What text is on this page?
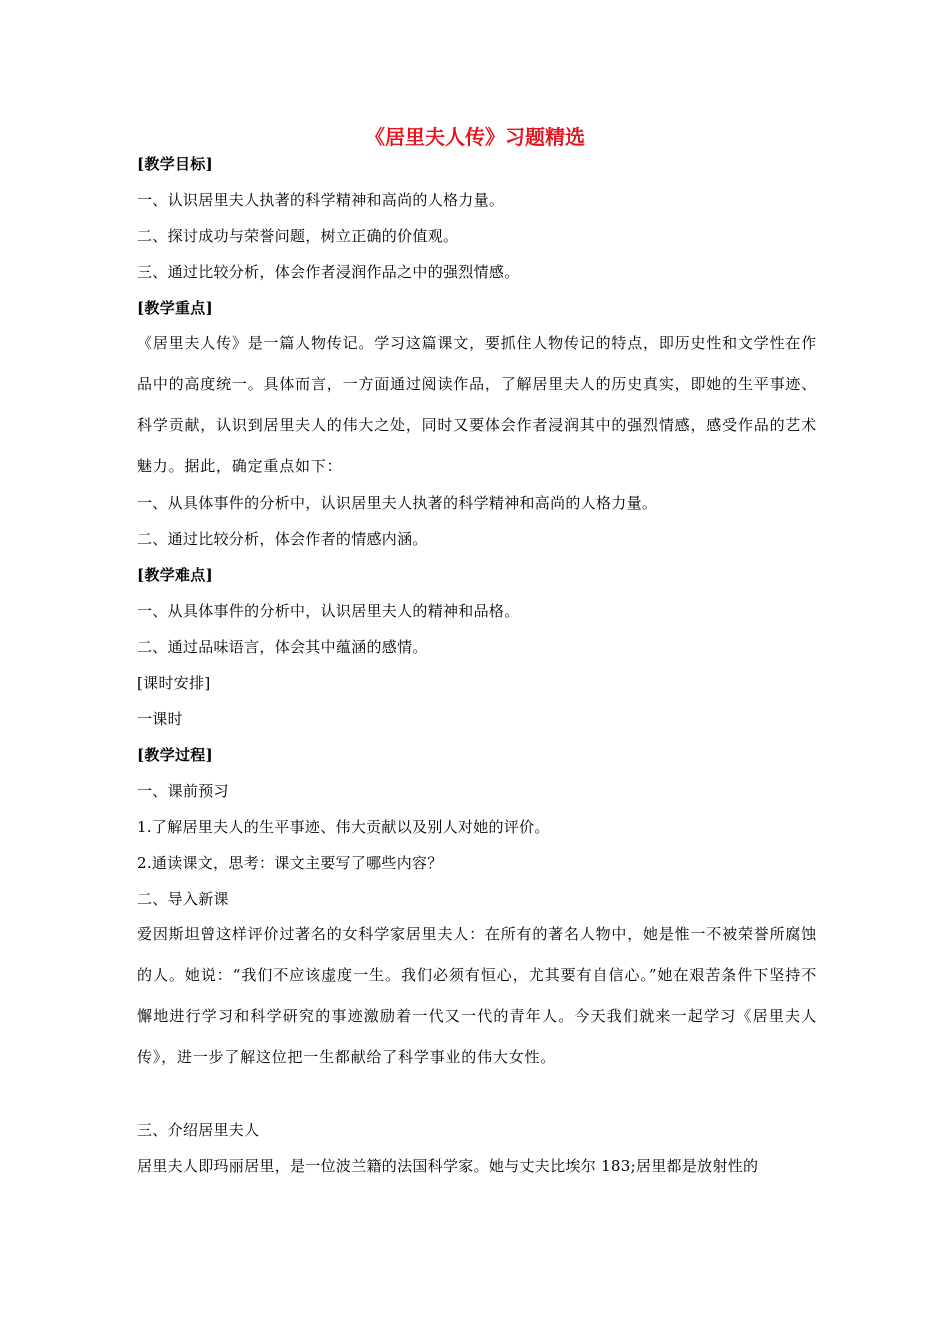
《居里夫人传》习题精选
[教学目标]
一、认识居里夫人执著的科学精神和高尚的人格力量。
二、探讨成功与荣誉问题，树立正确的价值观。
三、通过比较分析，体会作者浸润作品之中的强烈情感。
[教学重点]
《居里夫人传》是一篇人物传记。学习这篇课文，要抓住人物传记的特点，即历史性和文学性在作品中的高度统一。具体而言，一方面通过阅读作品，了解居里夫人的历史真实，即她的生平事迹、科学贡献，认识到居里夫人的伟大之处，同时又要体会作者浸润其中的强烈情感，感受作品的艺术魅力。据此，确定重点如下：
一、从具体事件的分析中，认识居里夫人执著的科学精神和高尚的人格力量。
二、通过比较分析，体会作者的情感内涵。
[教学难点]
一、从具体事件的分析中，认识居里夫人的精神和品格。
二、通过品味语言，体会其中蕴涵的感情。
[课时安排]
一课时
[教学过程]
一、课前预习
1.了解居里夫人的生平事迹、伟大贡献以及别人对她的评价。
2.通读课文，思考：课文主要写了哪些内容？
二、导入新课
爱因斯坦曾这样评价过著名的女科学家居里夫人：在所有的著名人物中，她是惟一不被荣誉所腐蚀的人。她说：“我们不应该虚度一生。我们必须有恒心，尤其要有自信心。”她在艰苦条件下坚持不懈地进行学习和科学研究的事迹激励着一代又一代的青年人。今天我们就来一起学习《居里夫人传》，进一步了解这位把一生都献给了科学事业的伟大女性。
三、介绍居里夫人
居里夫人即玛丽居里，是一位波兰籍的法国科学家。她与丈夫比埃尔 183;居里都是放射性的
